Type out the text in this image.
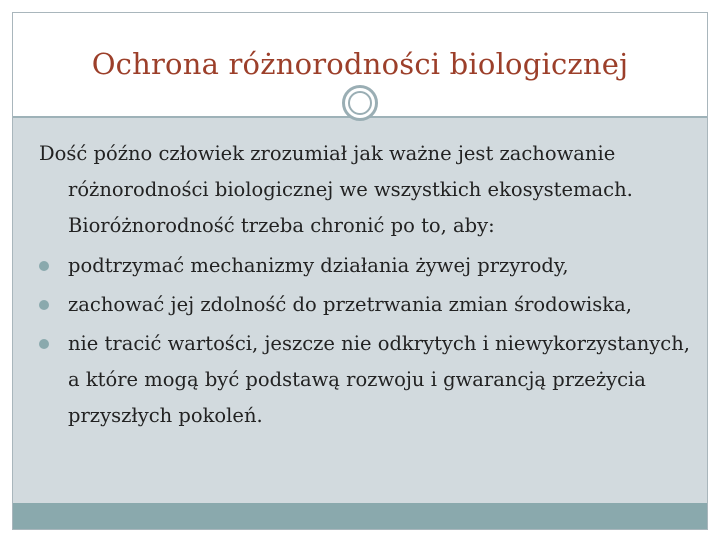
Ochrona różnorodności biologicznej

Dość późno człowiek zrozumiał jak ważne jest zachowanie różnorodności biologicznej we wszystkich ekosystemach. Bioróżnorodność trzeba chronić po to, aby:

podtrzymać mechanizmy działania żywej przyrody,
zachować jej zdolność do przetrwania zmian środowiska,
nie tracić wartości, jeszcze nie odkrytych i niewykorzystanych, a które mogą być podstawą rozwoju i gwarancją przeżycia przyszłych pokoleń.
